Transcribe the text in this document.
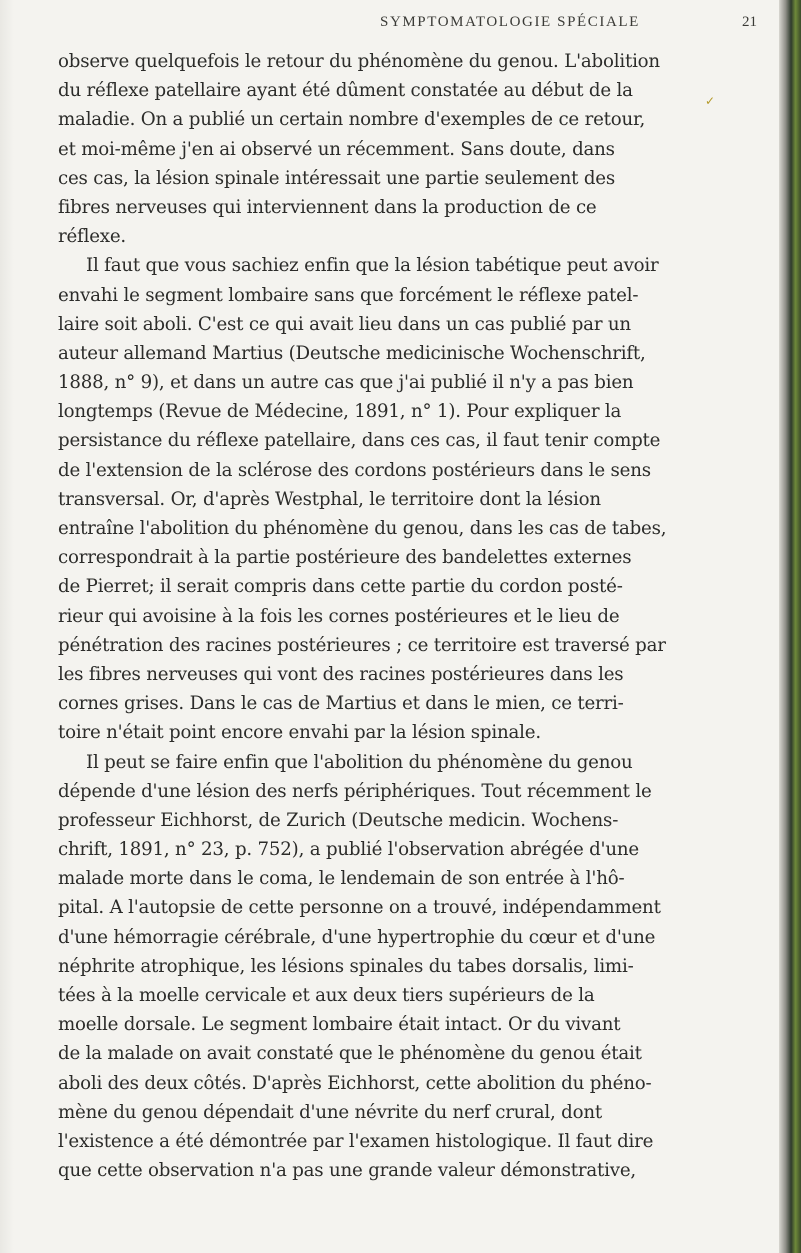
SYMPTOMATOLOGIE SPÉCIALE	21
✓
observe quelquefois le retour du phénomène du genou. L'abolition
du réflexe patellaire ayant été dûment constatée au début de la
maladie. On a publié un certain nombre d'exemples de ce retour,
et moi-même j'en ai observé un récemment. Sans doute, dans
ces cas, la lésion spinale intéressait une partie seulement des
fibres nerveuses qui interviennent dans la production de ce
réflexe.
Il faut que vous sachiez enfin que la lésion tabétique peut avoir
envahi le segment lombaire sans que forcément le réflexe patel-
laire soit aboli. C'est ce qui avait lieu dans un cas publié par un
auteur allemand Martius (Deutsche medicinische Wochenschrift,
1888, n° 9), et dans un autre cas que j'ai publié il n'y a pas bien
longtemps (Revue de Médecine, 1891, n° 1). Pour expliquer la
persistance du réflexe patellaire, dans ces cas, il faut tenir compte
de l'extension de la sclérose des cordons postérieurs dans le sens
transversal. Or, d'après Westphal, le territoire dont la lésion
entraîne l'abolition du phénomène du genou, dans les cas de tabes,
correspondrait à la partie postérieure des bandelettes externes
de Pierret; il serait compris dans cette partie du cordon posté-
rieur qui avoisine à la fois les cornes postérieures et le lieu de
pénétration des racines postérieures ; ce territoire est traversé par
les fibres nerveuses qui vont des racines postérieures dans les
cornes grises. Dans le cas de Martius et dans le mien, ce terri-
toire n'était point encore envahi par la lésion spinale.
Il peut se faire enfin que l'abolition du phénomène du genou
dépende d'une lésion des nerfs périphériques. Tout récemment le
professeur Eichhorst, de Zurich (Deutsche medicin. Wochens-
chrift, 1891, n° 23, p. 752), a publié l'observation abrégée d'une
malade morte dans le coma, le lendemain de son entrée à l'hô-
pital. A l'autopsie de cette personne on a trouvé, indépendamment
d'une hémorragie cérébrale, d'une hypertrophie du cœur et d'une
néphrite atrophique, les lésions spinales du tabes dorsalis, limi-
tées à la moelle cervicale et aux deux tiers supérieurs de la
moelle dorsale. Le segment lombaire était intact. Or du vivant
de la malade on avait constaté que le phénomène du genou était
aboli des deux côtés. D'après Eichhorst, cette abolition du phéno-
mène du genou dépendait d'une névrite du nerf crural, dont
l'existence a été démontrée par l'examen histologique. Il faut dire
que cette observation n'a pas une grande valeur démonstrative,
